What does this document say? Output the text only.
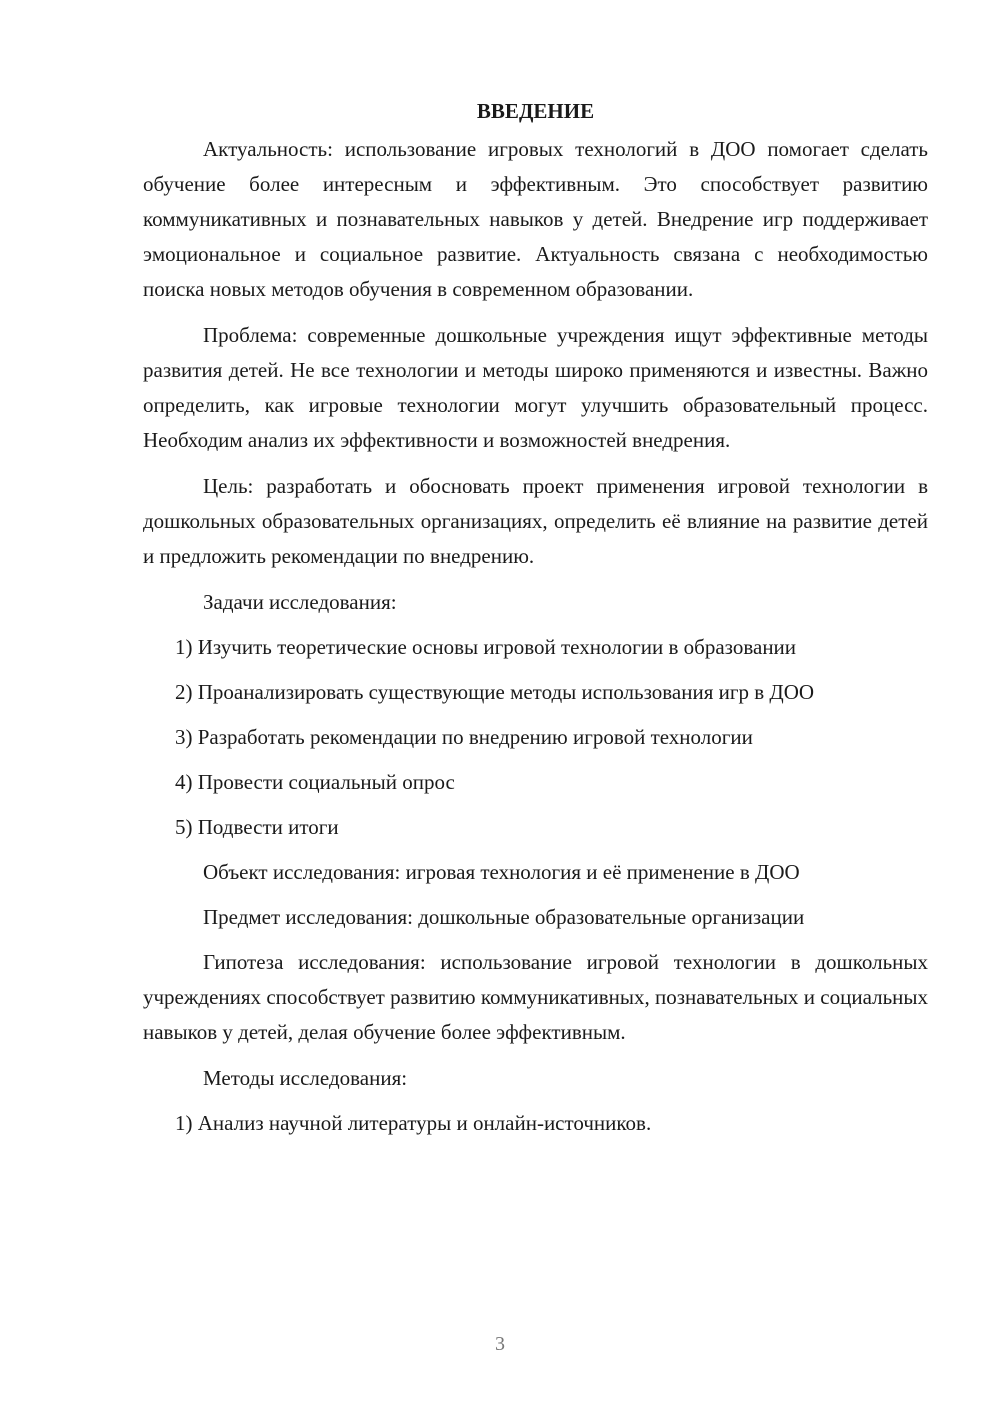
ВВЕДЕНИЕ

Актуальность: использование игровых технологий в ДОО помогает сделать обучение более интересным и эффективным. Это способствует развитию коммуникативных и познавательных навыков у детей. Внедрение игр поддерживает эмоциональное и социальное развитие. Актуальность связана с необходимостью поиска новых методов обучения в современном образовании.

Проблема: современные дошкольные учреждения ищут эффективные методы развития детей. Не все технологии и методы широко применяются и известны. Важно определить, как игровые технологии могут улучшить образовательный процесс. Необходим анализ их эффективности и возможностей внедрения.

Цель: разработать и обосновать проект применения игровой технологии в дошкольных образовательных организациях, определить её влияние на развитие детей и предложить рекомендации по внедрению.

Задачи исследования:

1) Изучить теоретические основы игровой технологии в образовании

2) Проанализировать существующие методы использования игр в ДОО

3) Разработать рекомендации по внедрению игровой технологии

4) Провести социальный опрос

5) Подвести итоги

Объект исследования: игровая технология и её применение в ДОО

Предмет исследования: дошкольные образовательные организации

Гипотеза исследования: использование игровой технологии в дошкольных учреждениях способствует развитию коммуникативных, познавательных и социальных навыков у детей, делая обучение более эффективным.

Методы исследования:

1) Анализ научной литературы и онлайн-источников.

3
